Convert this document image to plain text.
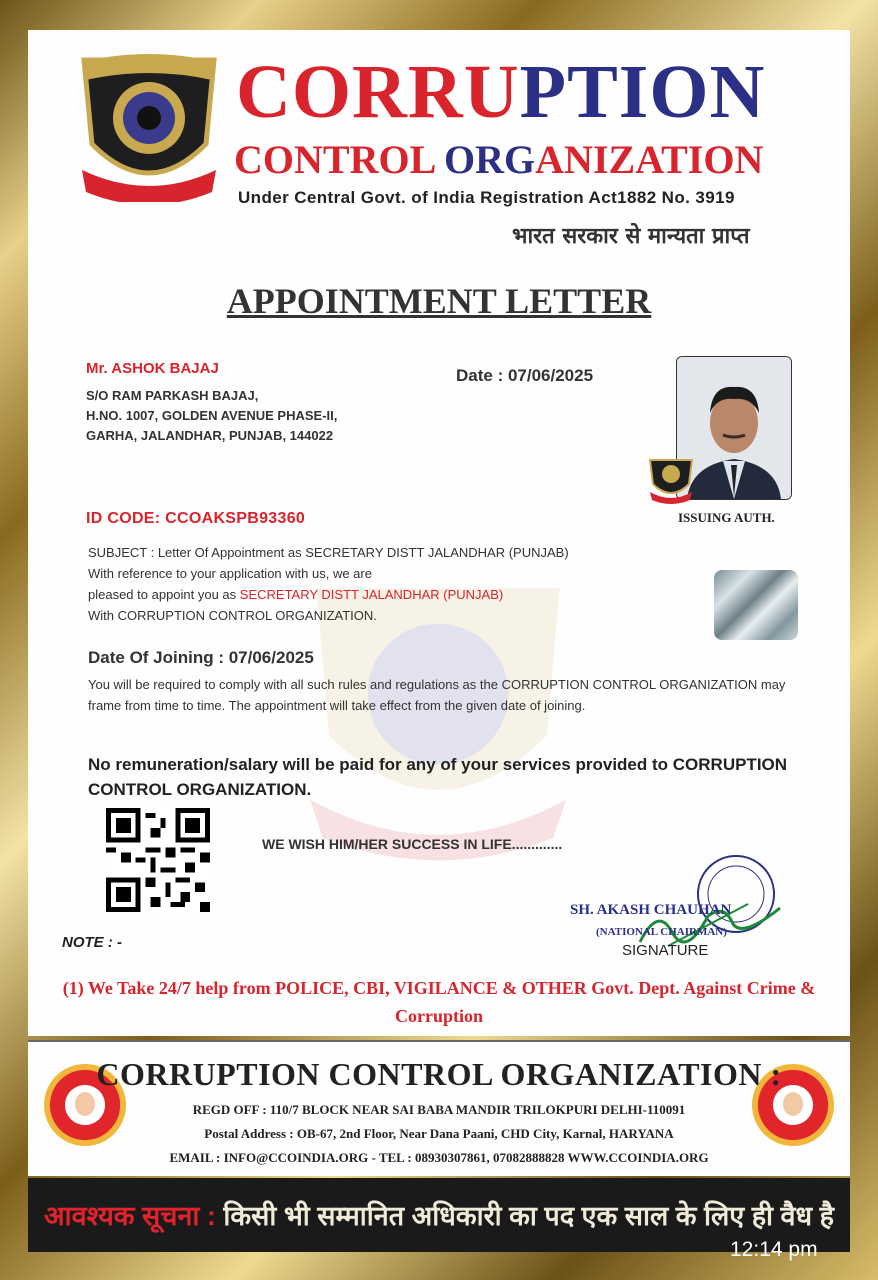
CORRUPTION
CONTROL ORGANIZATION
Under Central Govt. of India Registration Act1882 No. 3919
भारत सरकार से मान्यता प्राप्त
APPOINTMENT LETTER
Mr. ASHOK BAJAJ
S/O RAM PARKASH BAJAJ,
H.NO. 1007, GOLDEN AVENUE PHASE-II,
GARHA, JALANDHAR, PUNJAB, 144022
Date : 07/06/2025
ISSUING AUTH.
ID CODE: CCOAKSPB93360
SUBJECT : Letter Of Appointment as SECRETARY DISTT JALANDHAR (PUNJAB)
With reference to your application with us, we are
pleased to appoint you as SECRETARY DISTT JALANDHAR (PUNJAB)
With CORRUPTION CONTROL ORGANIZATION.
Date Of Joining : 07/06/2025
You will be required to comply with all such rules and regulations as the CORRUPTION CONTROL ORGANIZATION may frame from time to time. The appointment will take effect from the given date of joining.
No remuneration/salary will be paid for any of your services provided to CORRUPTION CONTROL ORGANIZATION.
WE WISH HIM/HER SUCCESS IN LIFE.............
NOTE : -
SH. AKASH CHAUHAN
(NATIONAL CHAIRMAN)
SIGNATURE
(1) We Take 24/7 help from POLICE, CBI, VIGILANCE & OTHER Govt. Dept. Against Crime & Corruption
CORRUPTION CONTROL ORGANIZATION :
REGD OFF : 110/7 BLOCK NEAR SAI BABA MANDIR TRILOKPURI DELHI-110091
Postal Address : OB-67, 2nd Floor, Near Dana Paani, CHD City, Karnal, HARYANA
EMAIL : INFO@CCOINDIA.ORG - TEL : 08930307861, 07082888828 WWW.CCOINDIA.ORG
आवश्यक सूचना : किसी भी सम्मानित अधिकारी का पद एक साल के लिए ही वैध है
12:14 pm
